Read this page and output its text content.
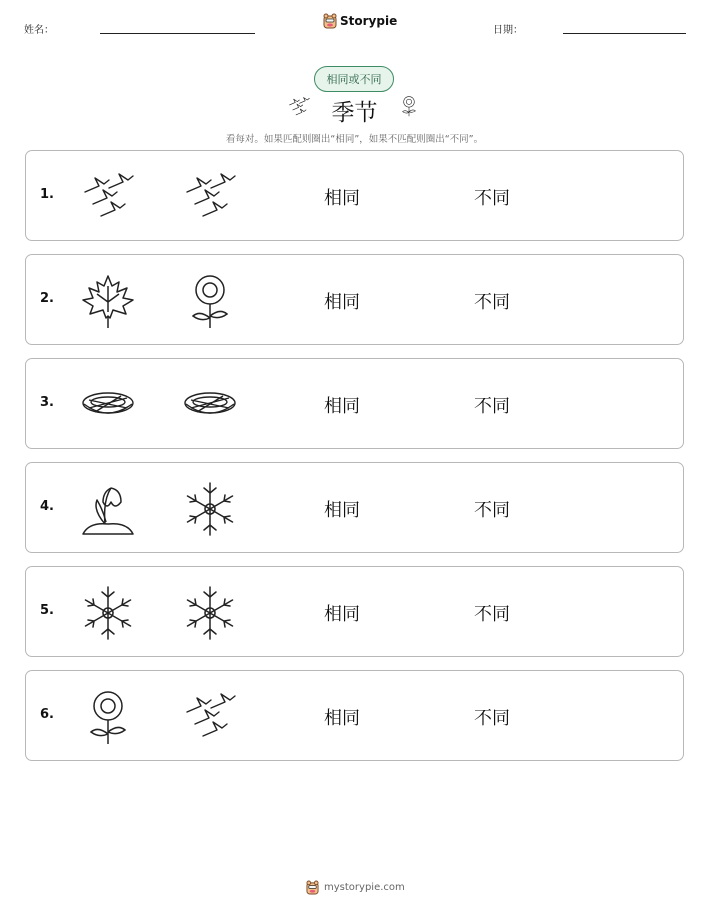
姓名：
Storypie
日期：
相同或不同
季节
看每对。如果匹配则圈出“相同”，如果不匹配则圈出“不同”。
1.	相同	不同
2.	相同	不同
3.	相同	不同
4.	相同	不同
5.	相同	不同
6.	相同	不同
mystorypie.com
